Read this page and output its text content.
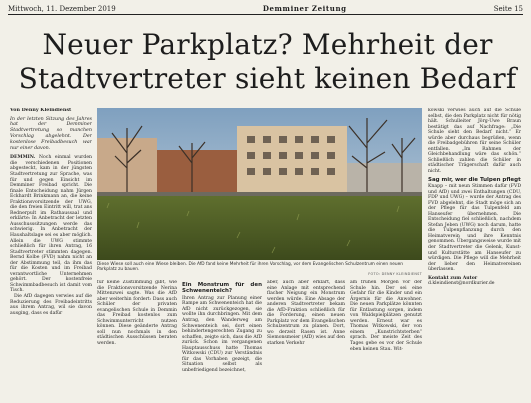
Mittwoch, 11. Dezember 2019	Demminer Zeitung	Seite 15
Neuer Parkplatz? Mehrheit der Stadtvertreter sieht keinen Bedarf
Von Denny Kleindienst
In der letzten Sitzung des Jahres hat der Demminer Stadtvertretung so manchen Vorschlag abgelehnt. Der kostenlose Freibadbesuch war nur einer davon.
DEMMIN. Noch einmal wurden die verschiedenen Positionen abgesteckt, kam in der jüngsten Stadtvertretung zur Sprache, was für und gegen Einsicht im Demminer Freibad spricht. Die finale Entscheidung nahm Jürgen Eckhardt Brinkmann an, die keine Fraktionsvorsitzende der UWG, die den freien Eintritt will, trat ans Rednerpult im Rathaussaal und erklärte: In Anbetracht der letzten Ausschusssitzungen werde das schwierig. In Anbetracht der Haushaltslage sei es aber möglich. Allein die UWG stimmte schließlich für ihren Antrag, 16 Stadtvertreter stimmten dagegen. Bernd Kolbe (FVD) nahm nicht an der Abstimmung teil, da ihm das für die Kosten und im Freibad verantwortliche Unternehmen gehört. Der kostenfreie Schwimmbadbesuch ist damit vom Tisch.
Die AfD dagegen verwies auf die Reduzierung des Freibadeintritts aus ihrem Antrag, wil sie davon ausging, dass es dafür
Diese Wiese soll auch eine Wiese bleiben. Die AfD fand keine Mehrheit für ihren Vorschlag, vor dem Evangelischen Schulzentrum einen neuen Parkplatz zu bauen.
FOTO: DENNY KLEINDIENST
für keine Zustimmung gibt, wie die Fraktionsvorsitzende Nerina Mittenzwei sagte. Was die AfD aber weiterhin fordert: Dass auch Schüler der privaten evangelischen Schule in Demmin das Freibad kostenlos zum Schwimmunterricht nutzen können. Diese geänderte Antrag soll nun nochmals in den städtischen Ausschüssen beraten werden.
Ein Monstrum für den Schwenenteich?
Ihren Antrag zur Planung einer Rampe am Schwenenteich hat die AfD nicht zurückgezogen, sie wollte ihn durchbringen. Mit dem Antrag, den Wanderweg am Schwenenteich sei, dort einen behindertengerechten Zugang zu schaffen, zeigte sich, dass die AfD zurück. Schon im vergangenen Hauptausschuss hatte Thomas Witkowski (CDU) zur Verständnis für das Vorhaben gezeigt, die Situation selbst als unbefriedigend bezeichnet,
aber, auch aber erklärt, dass eine Anlage mit entsprechend flacher Neigung ein Monstrum werden würde. Eine Absage der anderen Stadtvertreter bekam die AfD-Fraktion schließlich für die Forderung, einen neuen Parkplatz vor dem Evangelischen Schulzentrum zu planen. Dort, wo derzeit Rasen ist. Anne Siemonsmeier (AfD) wies auf den starken Verkehr
am frühen Morgen vor der Schule hin. Der sei eine Gefahr für die Kinder und ein Ärgernis für die Anwohner. Die neuen Parkplätze könnten für Entlastung sorgen, indem von Waldspielplätzen genutzt werden. Erneut war es Thomas Witkowski, der von einem „Kunstrichtsterben“ sprach. Der meiste Zeit des Tages gebe es vor der Schule eben keinen Stau. Wit-
kowski verwies auch auf die Schule selbst, die den Parkplatz nicht für nötig hält. Schulleiter Jörg-Uwe Braun bestätigt das auf Nachfrage: „Die Schule sieht den Bedarf nicht.“ Er würde aber durchaus begrüßen, wenn die Freibadgebühren für seine Schüler entfallen. „Im Rahmen der Gleichbehandlung wäre das schön.“ Schließlich zahlen die Schüler in städtischer Trägerschaft dafür auch nicht.
Sag mir, wer die Tulpen pflegt
Knapp – mit neun Stimmen dafür (FVD und AfD) und zwei Enthaltungen (CDU, FDP und UWG) – wurde der Antrag des FVD abgelehnt, die Stadt möge sich an der Pflege für das Tulpenfeld am Hanseufer übernehmen. Die Entscheidung fiel schließlich, nachdem Stefan Jeben (UWG) noch darum, hatte die Tulpenpflanzung durch den Heimatverein und ihre Kenntnis genommen. Übergangsweise wurde mit der Stadtvertreter die Gelenk, Kunst- und Kulturstätte am Hanseufer zu würdigen. Die Pflege will die Mehrheit der lieber den Heimatvereinen überlassen.
Kontakt zum Autor
d.kleindienst@nordkurier.de
